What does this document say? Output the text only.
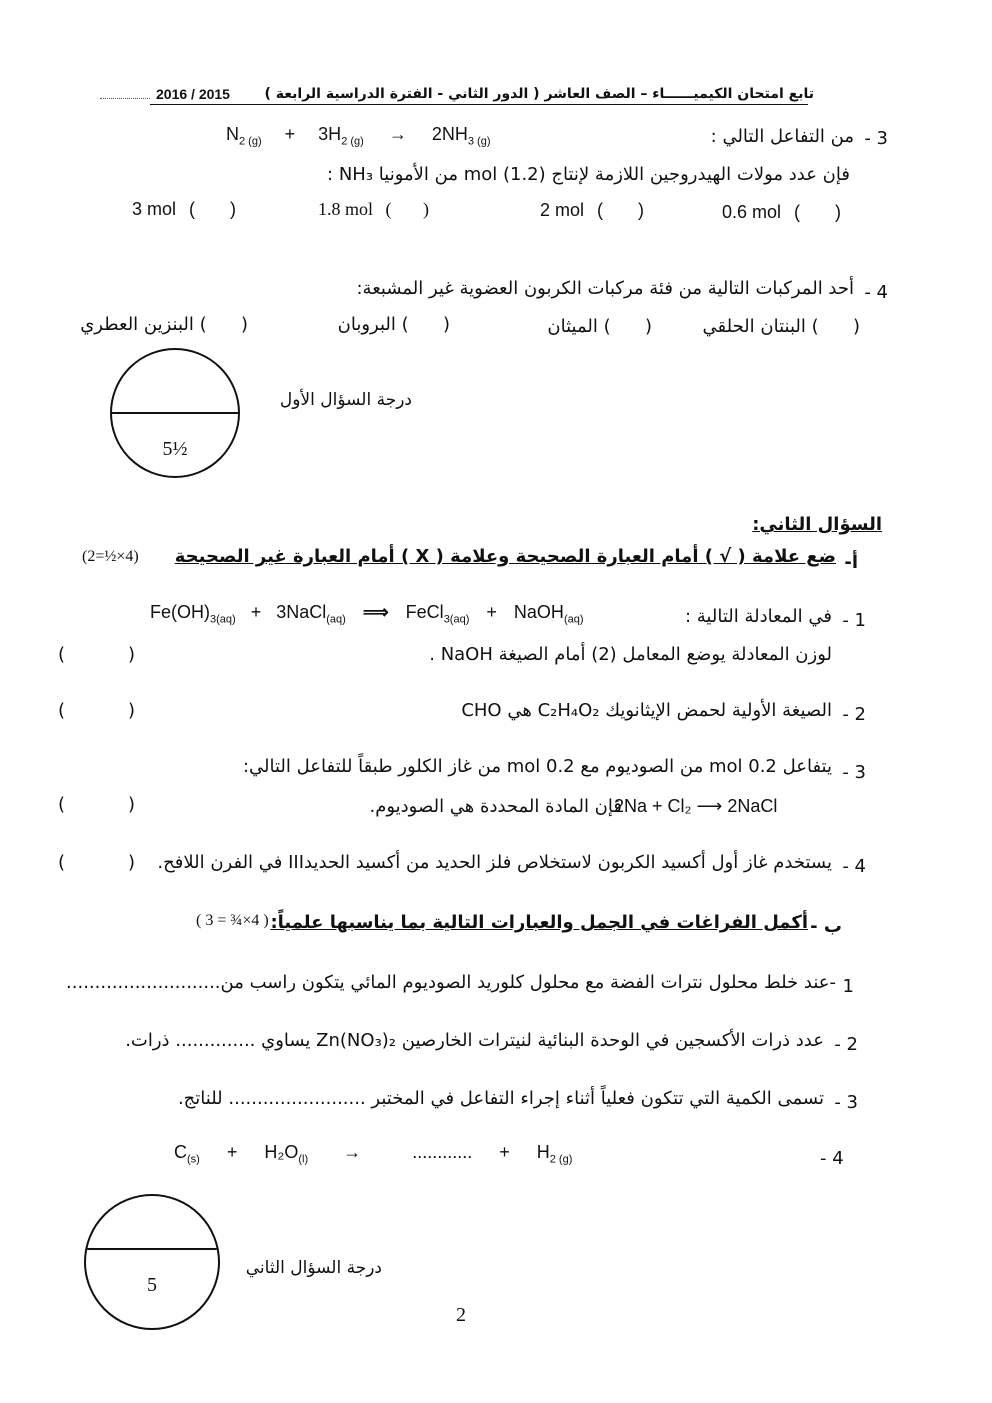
تابع امتحان الكيميــــــاء – الصف العاشر ( الدور الثاني - الفترة الدراسية الرابعة )
2016 / 2015
3 -
من التفاعل التالي :
$N_{2 (g)} + 3H_{2 (g)} \to 2NH_{3 (g)}$
فإن عدد مولات الهيدروجين اللازمة لإنتاج mol (1.2) من الأمونيا NH₃ :
0.6 mol (       )
2 mol (       )
1.8 mol (       )
3 mol (       )
4 -
أحد المركبات التالية من فئة مركبات الكربون العضوية غير المشبعة:
(      ) البنتان الحلقي
(      ) الميثان
(      ) البروبان
(      ) البنزين العطري
5½
درجة السؤال الأول
السؤال الثاني:
أ-
ضع علامة ( √ ) أمام العبارة الصحيحة وعلامة ( X ) أمام العبارة غير الصحيحة
(2=½×4)
1 -
في المعادلة التالية :
$Fe(OH)_{3(aq)}$ + 3NaCl$_{(aq)}$ ⟹ FeCl$_{3(aq)}$ + NaOH$_{(aq)}$
لوزن المعادلة يوضع المعامل (2) أمام الصيغة NaOH .
(           )
2 -
الصيغة الأولية لحمض الإيثانويك C₂H₄O₂ هي CHO
(           )
3 -
يتفاعل mol 0.2 من الصوديوم مع mol 0.2 من غاز الكلور طبقاً للتفاعل التالي:
فإن المادة المحددة هي الصوديوم.
2Na + Cl₂ ⟶ 2NaCl
(           )
4 -
يستخدم غاز أول أكسيد الكربون لاستخلاص فلز الحديد من أكسيد الحديدIII في الفرن اللافح.
(           )
ب -
أكمل الفراغات في الجمل والعبارات التالية بما يناسبها علمياً:
( 3 = ¾×4 )
1
-عند خلط محلول نترات الفضة مع محلول كلوريد الصوديوم المائي يتكون راسب من...........................
2 -
عدد ذرات الأكسجين في الوحدة البنائية لنيترات الخارصين Zn(NO₃)₂ يساوي .............. ذرات.
3 -
تسمى الكمية التي تتكون فعلياً أثناء إجراء التفاعل في المختبر ........................ للناتج.
- 4
$C_{(s)} + H_2O_{(l)}$ →	............ + $H_{2 (g)}$
5
درجة السؤال الثاني
2
